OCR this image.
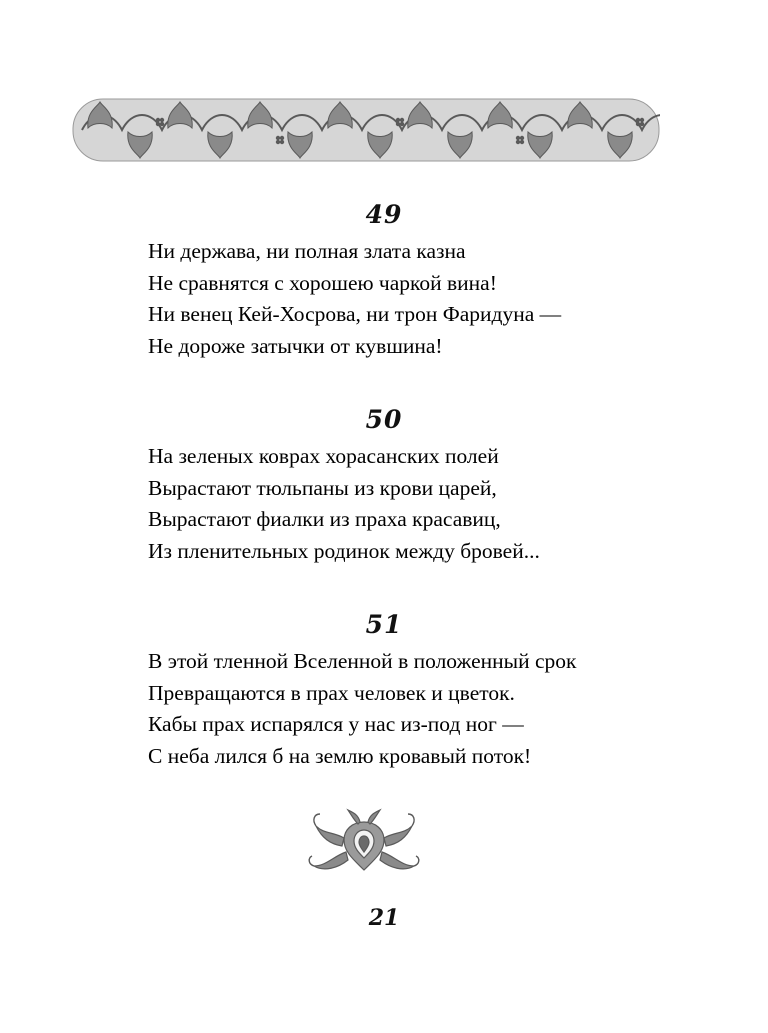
49
Ни держава, ни полная злата казна
Не сравнятся с хорошею чаркой вина!
Ни венец Кей-Хосрова, ни трон Фаридуна —
Не дороже затычки от кувшина!
50
На зеленых коврах хорасанских полей
Вырастают тюльпаны из крови царей,
Вырастают фиалки из праха красавиц,
Из пленительных родинок между бровей...
51
В этой тленной Вселенной в положенный срок
Превращаются в прах человек и цветок.
Кабы прах испарялся у нас из-под ног —
С неба лился б на землю кровавый поток!
21
